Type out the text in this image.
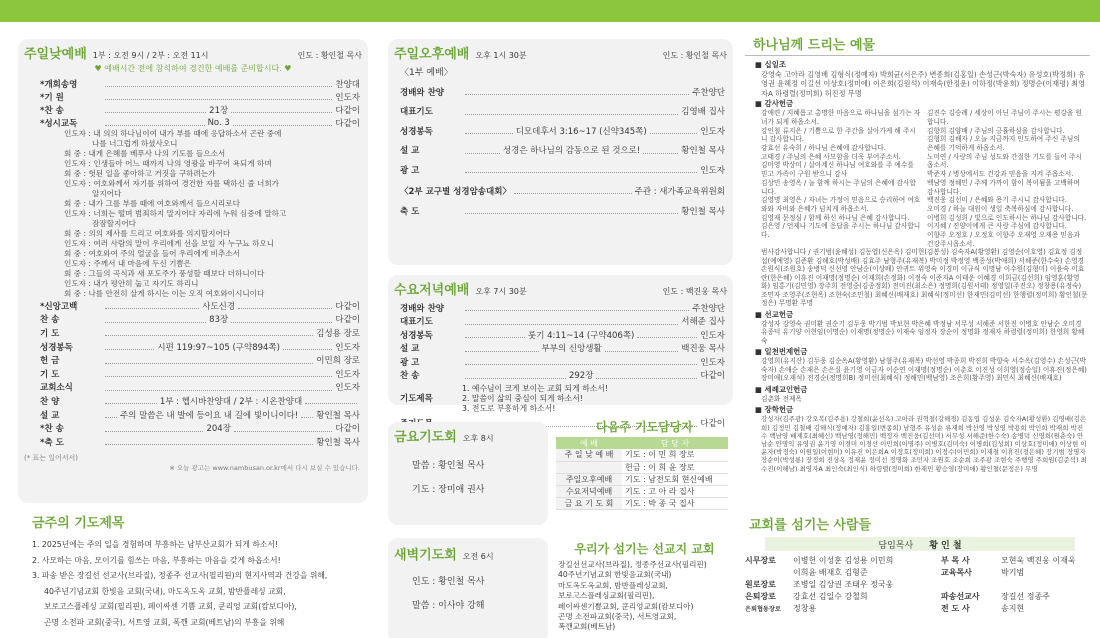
주일낮예배 1부 : 오전 9시 / 2부 : 오전 11시	인도 : 황인철 목사
♥ 예배시간 전에 참석하여 경건한 예배를 준비합시다. ♥
*개회송영	찬양대
*기 원	인도자
*찬 송	21장	다같이
*성시교독	No. 3	다같이
인도자 : 내 의의 하나님이여 내가 부를 때에 응답하소서 곤란 중에
나를 너그럽게 하셨사오니
회 중 : 내게 은혜를 베푸사 나의 기도를 들으소서
인도자 : 인생들아 어느 때까지 나의 영광을 바꾸어 욕되게 하며
회 중 : 헛된 일을 좋아하고 거짓을 구하려는가
인도자 : 여호와께서 자기를 위하여 경건한 자를 택하신 줄 너희가
알지어다
회 중 : 내가 그를 부를 때에 여호와께서 들으시리로다
인도자 : 너희는 떨며 범죄하지 말지어다 자리에 누워 심중에 말하고
잠잠할지어다
회 중 : 의의 제사를 드리고 여호와를 의지할지어다
인도자 : 여러 사람의 말이 우리에게 선을 보일 자 누구뇨 하오니
회 중 : 여호와여 주의 얼굴을 들어 우리에게 비추소서
인도자 : 주께서 내 마음에 두신 기쁨은
회 중 : 그들의 곡식과 새 포도주가 풍성할 때보다 더하니이다
인도자 : 내가 평안히 눕고 자기도 하리니
회 중 : 나를 안전히 살게 하시는 이는 오직 여호와이시니이다
*신앙고백	사도신경	다같이
찬 송	83장	다같이
기 도	김성용 장로
성경봉독	시편 119:97~105 (구약894쪽)	인도자
헌 금	이민희 장로
기 도	인도자
교회소식	인도자
찬 양	1부 : 헵시바찬양대 / 2부 : 시온찬양대
설 교	주의 말씀은 내 발에 등이요 내 길에 빛이니이다! 황인철 목사
*찬 송	204장	다같이
*축 도	황인철 목사
(* 표는 일어서서)
※ 오늘 광고는 www.nambusan.or.kr에서 다시 보실 수 있습니다.
금주의 기도제목
1. 2025년에는 주의 일을 경험하며 부흥하는 남부산교회가 되게 하소서!
2. 사모하는 마음, 모이기를 힘쓰는 마음, 부흥하는 마음을 갖게 하옵소서!
3. 파송 받은 장길선 선교사(브라질), 정종주 선교사(필리핀)의 현지사역과 건강을 위해,
40주년기념교회 한빛음 교회(국내), 마도옥도옥 교회, 밤반플레싱 교회,
보로고스플레싱 교회(필리핀), 페이싸센 기쁨 교회, 쿤리엉 교회(캄보디아),
곤명 소전파 교회(중국), 서트영 교회, 폭깬 교회(베트남)의 부흥을 위해
주일오후예배 오후 1시 30분	인도 : 황인철 목사
〈1부 예배〉
경배와 찬양	주찬양단
대표기도	김영배 집사
성경봉독	디모데후서 3:16~17 (신약345쪽)	인도자
설 교	성경은 하나님의 감동으로 된 것으로!	황인철 목사
광 고	인도자
〈2부 교구별 성경암송대회〉	주관 : 새가족교육위원회
축 도	황인철 목사
수요저녁예배 오후 7시 30분	인도 : 백진웅 목사
경배와 찬양	주찬양단
대표기도	서해준 집사
성경봉독	룻기 4:11~14 (구약406쪽)	인도자
설 교	부부의 신앙생활	백진웅 목사
광 고	인도자
찬 송	292장	다같이
기도제목
1. 예수님이 크게 보이는 교회 되게 하소서!
2. 말씀이 삶의 중심이 되게 하소서!
3. 전도로 부흥하게 하소서!
다같이
금요기도회 오후 8시
말씀 : 황인철 목사
기도 : 장미애 권사
다음주 기도담당자
예 배	담 당 자
주 일 낮 예 배	기도 : 이 민 희 장로
	헌금 : 이 희 윤 장로
주일오후예배	기도 : 남전도회 현신예배
수요저녁예배	기도 : 고 아 라 집사
금 요 기 도 회	기도 : 박 종 국 집사
새벽기도회 오전 6시
인도 : 황인철 목사
말씀 : 이사야 강해
우리가 섬기는 선교지 교회
장길선선교사(브라질), 정종주선교사(필리핀)
40주년기념교회 한빛음교회(국내)
마도옥도옥교회, 밤반플레싱교회,
보로고스플레싱교회(필리핀),
페이싸센기쁨교회, 쿤리엉교회(캄보디아)
곤명 소전파교회(중국), 서트영교회,
폭깬교회(베트남)
하나님께 드리는 예물
■ 십일조
강영숙 고아라 김영배 김형식(정예자) 박희균(서은주) 변종희(김홍일) 손성근(박숙자) 유성호(박정희) 유영권 윤혜정 이길선 이상호(정미애) 이은희(김원석) 이재숙(한정운) 이하정(박윤희) 정명순(이재평) 최영자A 하령렬(정미희) 허진정 무명
■ 감사헌금
강애련 / 지혜롭고 총명한 마음으로 하나님을 섬기는 자녀가 되게 하옵소서.
강인철 류지은 / 기쁨으로 한 주간을 살아가게 해 주시니 감사합니다.
강효선 유숙희 / 하나님 은혜에 감사합니다.
고태경 / 주님의 은혜 사모함을 더욱 부어주소서.
김미영 박상미 / 살아계신 하나님 여호와를 주 예수를 믿고 가족이 구원 받으니 감사
김상민 송영옥 / 늘 함께 하시는 주님의 은혜에 감사합니다.
김영명 최영은 / 자녀는 가정이 믿음으로 승리하여 여호와와 자비와 은혜가 넘치게 하옵소서.
김영재 문정심 / 함께 하신 하나님 은혜 감사합니다.
김은영 / 언제나 기도에 응답을 주시는 하나님 감사합니다.
김진수 김승례 / 세상이 아닌 주님이 주시는 평강을 원합니다.
김향희 김양배 / 주님의 긍휼하심을 감사합니다.
김형희 김해자 / 오늘 지금까지 인도하여 주신 주님의 은혜를 기억하게 하옵소서.
노미연 / 사랑의 주님 성도와 간절한 기도를 들어 주시옵소서.
박준자 / 병상에서도 건강과 믿음을 지켜 주옵소서.
백남영 정해민 / 주께 가까이 함이 복이됨을 고백하며 감사합니다.
백진웅 김선미 / 은혜와 용기 주시니 감사합니다.
오미경 / 하늘 대원이 생일 축복하심에 감사합니다.
이병희 김성희 / 빛으로 인도하시는 하나님 감사합니다.
이지혜 / 진양이에게 큰 사랑 주심에 감사합니다.
이향주 오정호 / 오정호 이향주 오재영 오재용 믿음과 건강주시옵소서.
범사감사합니다 / 권기범(윤혜성) 김동엽(신은옥) 김미현(김봉성) 김숙자A(황영환) 김영순(이호영) 김효정 김정섭(예예영) 김준환 김해호(박성배) 김효주 남형주(유재복) 박미정 박정영 백종성(박애희) 서해준(한수숙) 손영경 손원식(조원호) 송병덕 신선영 안남순(이상배) 안귀트 위영숙 이경미 이규식 이명남 이수원(김형미) 이윤숙 이효란(한은혜) 이휴진 이재명(정명순) 이재희(손정화) 이정숙 이준자A 이태운 이혜경 이희금(김선희) 임영훈(황영화) 임홍기(김민영) 장주희 전영중(김종정회) 전미진(최소은) 정명희(김원서태) 정영일(주진오) 정창용(유정숙) 조민자 조영주(조현옥) 조현숙(조민철) 최혜신(배재호) 최혜식(정미선) 한재민(김미선) 한행렬(정미희) 황인철(문정은) 무명환 무명
■ 선교헌금
강성자 강영숙 권미환 권순기 김두웅 박기범 박보현 박은혜 박정남 서무성 서해준 서한진 이병호 안남순 오미경 유종덕 유기양 이현임(이명순) 이재명(정명순) 이재숙 임정자 장순이 정명화 정재자 하령렬(정미희) 한영희 황혜숙
■ 일천번제헌금
강영희(유지산) 김두웅 김순옥A(황영환) 남형주(유재복) 박선영 박종희 박진희 박향숙 서수옥(김영수) 손성근(박숙자) 손애순 손재은 손은실 윤기영 이금자 이순연 이재명(정명순) 이춘호 이진성 이희영(정승일) 이휴진(정은혜) 장미애(오재석) 전경순(정명희B) 정미선(최혜식) 정해민(백남영) 조은희(황주영) 최민식 최혜신(배재호)
■ 세례교인헌금
김춘화 전제옥
■ 장학헌금
강성자(김주광) 강오복(김주용) 강철희(윤선옥) 고아라 권혁철(강해경) 김동엽 김성운 김숙자A(황성환) 김영배(김은희) 김정민 김철배 김해식(정예자) 김홍일(변종희) 남형주 유성순 류재희 박선영 박성영 박용희 박인희 박재희 박진수 백남영 배제호(최혜신) 백남영(정해민) 백정자 백진웅(김선미) 서무성 서해준(한수숙) 송병덕 신영희(원춘숙) 안남순 안명익 유영권 윤기영 이경미 이경선 이민희(이명주) 이병호(김미숙) 이병희(김성희) 이상호(정미애) 이상현 이윤자(박정숙) 이원일(이현미) 이유진 이은희A 이정호(정미희) 이정수(이민희) 이재철 이휴진(정은혜) 장기범 장명자 장순이(박성룡) 장정희 전상옥 정재윤 정미선 정명화 조민자 조원호 조순희 조주광 조현숙 주행영 주희원(김준석) 최수진(이해남) 최영자A 최인숙(최인식) 하령렬(정미희) 한재민 황승영(장미애) 황인철(문정은) 무명
교회를 섬기는 사람들
담임목사 황 인 철
시무장로	이병헌 이성훈 김성용 이민희	부 목 사	모현욱 백진웅 이재욱
이희윤 배재호 김형준	교육목사	박기범
원로장로	조병일 김상권 조태우 정국웅
은퇴장로	강효선 김일수 강철희	파송선교사	장길선 정종주
은퇴협동장로	정창용	전 도 사	송지현
